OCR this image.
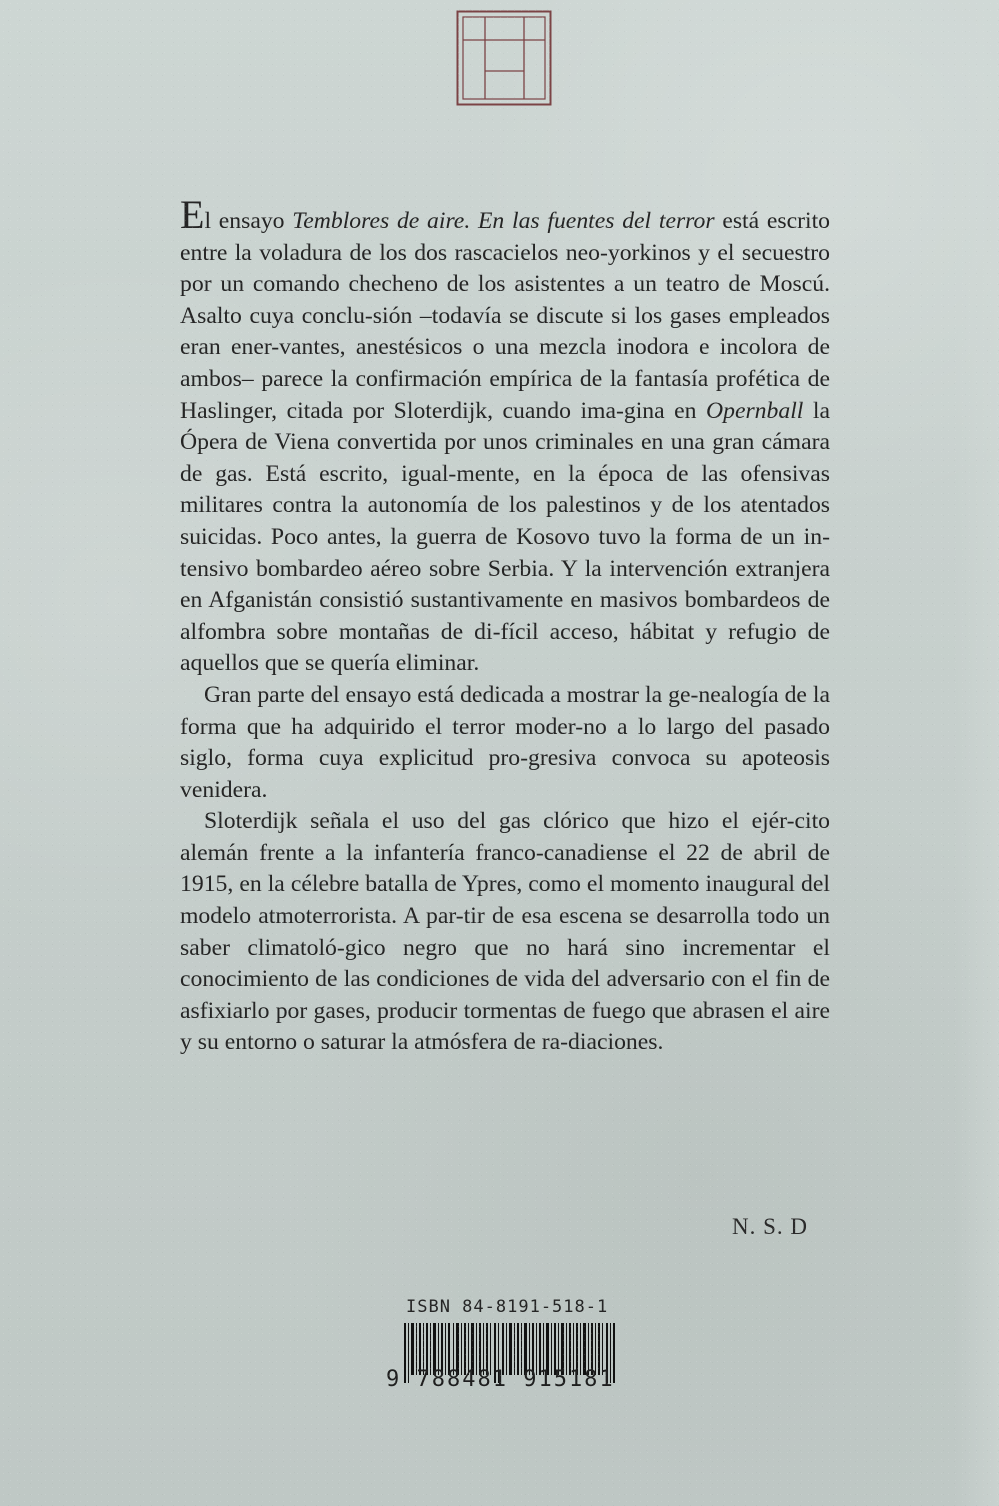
El ensayo Temblores de aire. En las fuentes del terror está escrito entre la voladura de los dos rascacielos neo-yorkinos y el secuestro por un comando checheno de los asistentes a un teatro de Moscú. Asalto cuya conclu-sión –todavía se discute si los gases empleados eran ener-vantes, anestésicos o una mezcla inodora e incolora de ambos– parece la confirmación empírica de la fantasía profética de Haslinger, citada por Sloterdijk, cuando ima-gina en Opernball la Ópera de Viena convertida por unos criminales en una gran cámara de gas. Está escrito, igual-mente, en la época de las ofensivas militares contra la autonomía de los palestinos y de los atentados suicidas. Poco antes, la guerra de Kosovo tuvo la forma de un in-tensivo bombardeo aéreo sobre Serbia. Y la intervención extranjera en Afganistán consistió sustantivamente en masivos bombardeos de alfombra sobre montañas de di-fícil acceso, hábitat y refugio de aquellos que se quería eliminar.

Gran parte del ensayo está dedicada a mostrar la ge-nealogía de la forma que ha adquirido el terror moder-no a lo largo del pasado siglo, forma cuya explicitud pro-gresiva convoca su apoteosis venidera.

Sloterdijk señala el uso del gas clórico que hizo el ejér-cito alemán frente a la infantería franco-canadiense el 22 de abril de 1915, en la célebre batalla de Ypres, como el momento inaugural del modelo atmoterrorista. A par-tir de esa escena se desarrolla todo un saber climatoló-gico negro que no hará sino incrementar el conocimiento de las condiciones de vida del adversario con el fin de asfixiarlo por gases, producir tormentas de fuego que abrasen el aire y su entorno o saturar la atmósfera de ra-diaciones.

N. S. D
ISBN 84-8191-518-1
9 788481 915181
